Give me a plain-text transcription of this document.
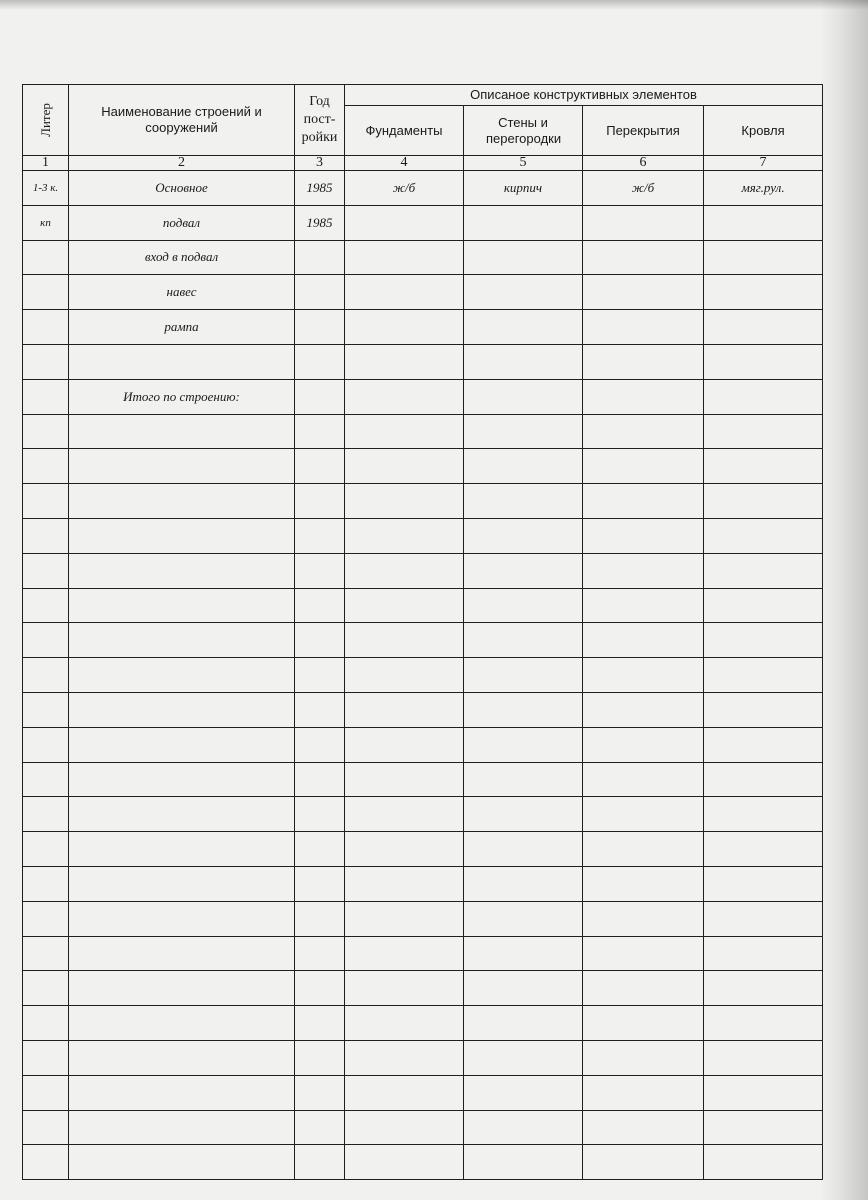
Литер	Наименование строений и сооружений	Год пост-ройки	Описаное конструктивных элементов			

			Фундаменты	Стены и перегородки	Перекрытия	Кровля

1	2	3	4	5	6	7
1-3 к.	Основное	1985	ж/б	кирпич	ж/б	мяг.рул.
кп	подвал	1985				
	вход в подвал					
	навес					
	рампа					

	Итого по строению:					
